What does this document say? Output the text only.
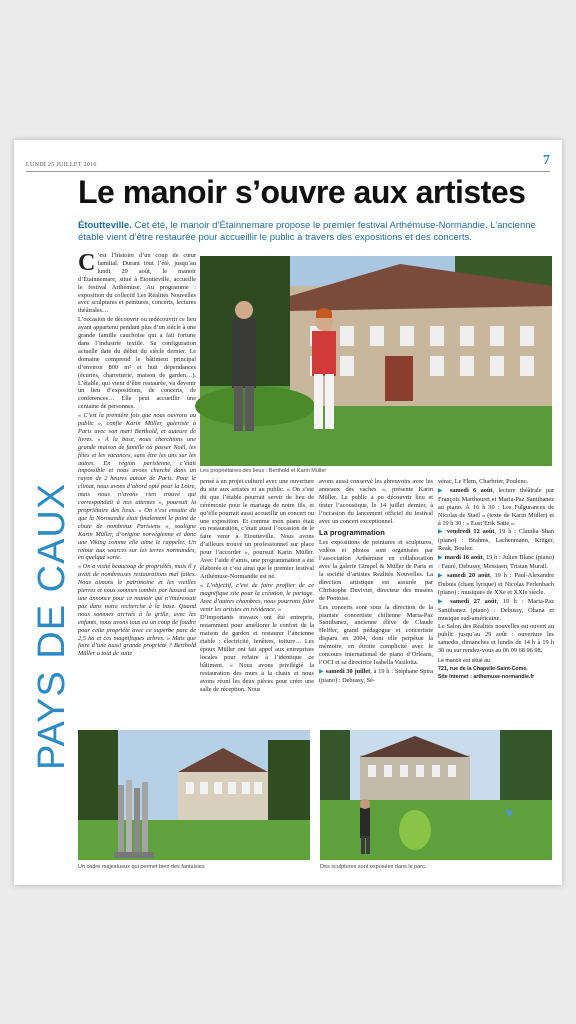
LUNDI 25 JUILLET 2016	7
Le manoir s’ouvre aux artistes
Étoutteville. Cet été, le manoir d’Étainnemare propose le premier festival Arthémuse-Normandie. L’ancienne étable vient d’être restaurée pour accueillir le public à travers des expositions et des concerts.
PAYS DE CAUX

C ’est l’histoire d’un coup de cœur familial. Durant tout l’été, jusqu’au lundi 29 août, le manoir d’Étainnemare, situé à Étoutteville, accueille le festival Arthémuse. Au programme : exposition du collectif Les Réalités Nouvelles avec sculptures et peintures, concerts, lectures théâtrales…

L’occasion de découvrir ou redécouvrir ce lieu ayant appartenu pendant plus d’un siècle à une grande famille cauchoise qui a fait fortune dans l’industrie textile. Sa configuration actuelle date du début du siècle dernier. Le domaine comprend le bâtiment principal d’environ 800 m² et huit dépendances (écuries, charretterie, maison de garden…). L’étable, qui vient d’être restaurée, va devenir un lieu d’expositions, de concerts, de conférences… Elle peut accueillir une centaine de personnes.

« C’est la première fois que nous ouvrons au public », confie Karin Müller, galeriste à Paris avec son mari Berthold, et auteure de livres. « À la base, nous cherchions une grande maison de famille où passer Noël, les fêtes et les vacances, sans être les uns sur les autres. En région parisienne, c’était impossible et nous avons cherché dans un rayon de 2 heures autour de Paris. Pour le climat, nous avons d’abord opté pour la Loire, mais nous n’avons rien trouvé qui correspondait à nos attentes », poursuit la propriétaire des lieux. « On s’est ensuite dit que la Normandie était finalement le point de chute de nombreux Parisiens », souligne Karin Müller, d’origine norvégienne et donc une Viking comme elle aime le rappeler. Un retour aux sources sur les terres normandes, en quelque sorte.

« On a visité beaucoup de propriétés, mais il y avait de nombreuses restaurations mal faites. Nous aimons le patrimoine et les vieilles pierres et nous sommes tombés par hasard sur une annonce pour ce manoir qui n’intéressait pas dans notre recherche à la base. Quand nous sommes arrivés à la grille, avec les enfants, nous avons tous eu un coup de foudre pour cette propriété avec ce superbe parc de 2,5 ha et ces magnifiques arbres. » Mais que faire d’une aussi grande propriété ? Berthold Müller a tout de suite

Les propriétaires des lieux : Berthold et Karin Müller

pensé à un projet culturel avec une ouverture du site aux artistes et au public. « On s’est dit que l’étable pourrait servir de lieu de cérémonie pour le mariage de notre fils, et qu’elle pourrait aussi accueillir un concert ou une exposition. Et comme mon piano était en restauration, c’était aussi l’occasion de le faire venir à Étoutteville. Nous avons d’ailleurs trouvé un professionnel sur place pour l’accorder », poursuit Karin Müller. Avec l’aide d’amis, une programmation a été élaborée et c’est ainsi que le premier festival Arthémuse-Normandie est né.

« L’objectif, c’est de faire profiter de ce magnifique site pour la création, le partage. Avec d’autres chambres, nous pourrons faire venir les artistes en résidence. »

D’importants travaux ont été entrepris, notamment pour améliorer le confort de la maison de garden et restaurer l’ancienne étable : électricité, fenêtres, toiture… Les époux Müller ont fait appel aux entreprises locales pour refaire à l’identique ce bâtiment. « Nous avons privilégié la restauration des murs à la chaux et nous avons réuni les deux pièces pour créer une salle de réception. Nous

avons aussi conservé les abreuvoirs avec les anneaux des vaches », présente Karin Müller. Le public a pu découvrir lieu et tester l’acoustique, le 14 juillet dernier, à l’occasion du lancement officiel du festival avec un concert exceptionnel.

La programmation

Les expositions de peintures et sculptures, vidéos et photos sont organisées par l’association Arthémuse en collaboration avec la galerie Gimpel & Müller de Paris et la société d’artistes Réalités Nouvelles. La direction artistique est assurée par Christophe Duvivier, directeur des musées de Pontoise.

Les concerts sont sous la direction de la pianiste concertiste chilienne Maria-Paz Santibanez, ancienne élève de Claude Helffer, grand pédagogue et concertiste disparu en 2004, dont elle perpétue la mémoire, en étroite complicité avec le concours international de piano d’Orléans, l’OCI et sa directrice Isabella Vasilotta.

▶ samedi 30 juillet, à 19 h : Stéphane Spira (piano) : Debussy, Sé-

vérac, Le Flem, Charbrier, Poulenc.

▶ samedi 6 août, lecture théâtrale par François Marthouret et Maria-Paz Santibanez au piano. À 16 h 30 : Les Fulgurances de Nicolas de Staël » (texte de Karin Müller) et à 19 h 30 : « Eust’Erik Satie ».

▶ vendredi 12 août, 19 h : Claudia Shan (piano) : Brahms, Lachenmann, Krüger, Reak, Boulez.

▶ mardi 16 août, 19 h : Julien Blanc (piano) : Fauré, Debussy, Messiaen, Tristan Murail.

▶ samedi 20 août, 19 h : Paul-Alexandre Dubois (chant lyrique) et Nicolas Ferlenbach (piano) : musiques de XXe et XXIe siècle.

▶ samedi 27 août, 19 h : Maria-Paz Santibanez (piano) : Debussy, Ohana et musique sud-américaine.

Le Salon des Réalités nouvelles est ouvert au public jusqu’au 29 août : ouverture les samedis, dimanches et lundis de 14 h à 19 h 30 ou sur rendez-vous au 06 09 68 96 98.

Le manoir est situé au
721, rue de la Chapelle-Saint-Come.
Site Internet : arthemuse-normandie.fr
Un cadre majestueux qui permet bien des fantaisies	Des sculptures sont exposées dans le parc.
